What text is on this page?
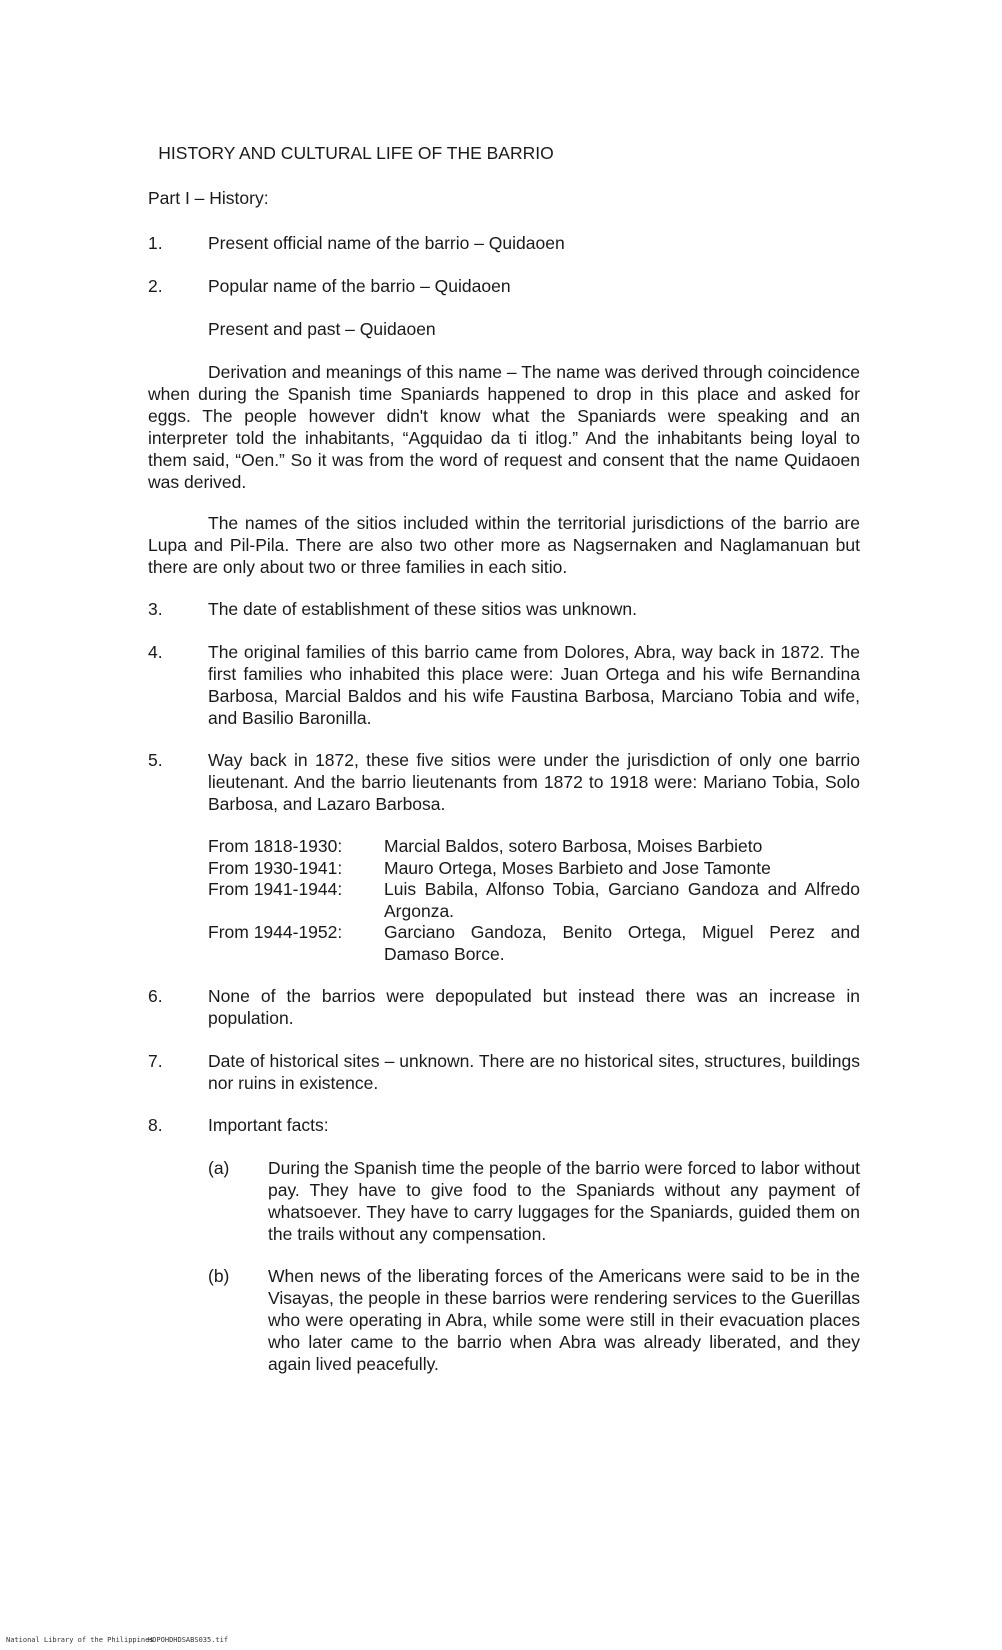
HISTORY AND CULTURAL LIFE OF THE BARRIO
Part I – History:
1.	Present official name of the barrio – Quidaoen
2.	Popular name of the barrio – Quidaoen
Present and past – Quidaoen
Derivation and meanings of this name – The name was derived through coincidence when during the Spanish time Spaniards happened to drop in this place and asked for eggs. The people however didn't know what the Spaniards were speaking and an interpreter told the inhabitants, “Agquidao da ti itlog.” And the inhabitants being loyal to them said, “Oen.” So it was from the word of request and consent that the name Quidaoen was derived.
The names of the sitios included within the territorial jurisdictions of the barrio are Lupa and Pil-Pila. There are also two other more as Nagsernaken and Naglamanuan but there are only about two or three families in each sitio.
3.	The date of establishment of these sitios was unknown.
4.	The original families of this barrio came from Dolores, Abra, way back in 1872. The first families who inhabited this place were: Juan Ortega and his wife Bernandina Barbosa, Marcial Baldos and his wife Faustina Barbosa, Marciano Tobia and wife, and Basilio Baronilla.
5.	Way back in 1872, these five sitios were under the jurisdiction of only one barrio lieutenant. And the barrio lieutenants from 1872 to 1918 were: Mariano Tobia, Solo Barbosa, and Lazaro Barbosa.
From 1818-1930:	Marcial Baldos, sotero Barbosa, Moises Barbieto
From 1930-1941:	Mauro Ortega, Moses Barbieto and Jose Tamonte
From 1941-1944:	Luis Babila, Alfonso Tobia, Garciano Gandoza and Alfredo Argonza.
From 1944-1952:	Garciano Gandoza, Benito Ortega, Miguel Perez and Damaso Borce.
6.	None of the barrios were depopulated but instead there was an increase in population.
7.	Date of historical sites – unknown. There are no historical sites, structures, buildings nor ruins in existence.
8.	Important facts:
(a) During the Spanish time the people of the barrio were forced to labor without pay. They have to give food to the Spaniards without any payment of whatsoever. They have to carry luggages for the Spaniards, guided them on the trails without any compensation.
(b) When news of the liberating forces of the Americans were said to be in the Visayas, the people in these barrios were rendering services to the Guerillas who were operating in Abra, while some were still in their evacuation places who later came to the barrio when Abra was already liberated, and they again lived peacefully.
National Library of the Philippines
HDPOHDHDSABS035.tif
